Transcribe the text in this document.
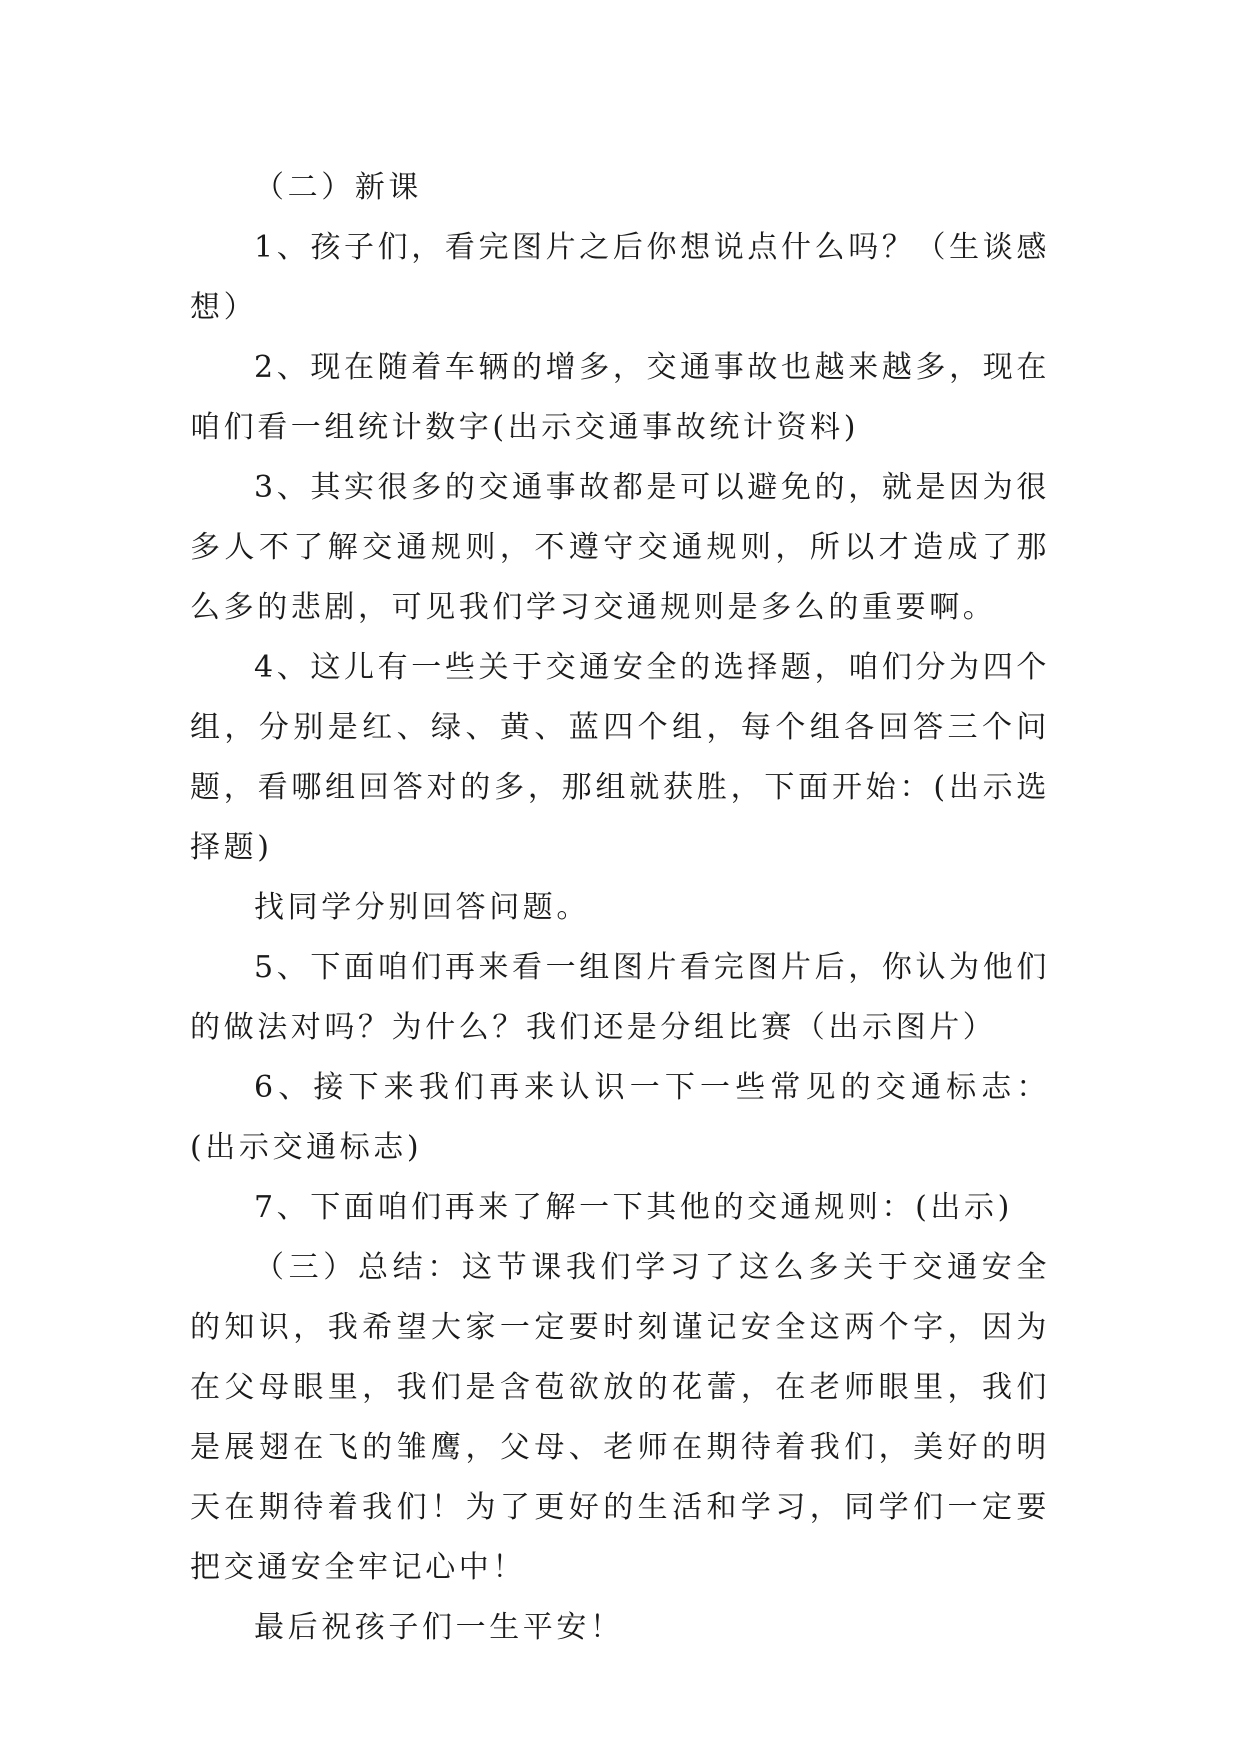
（二）新课

1、孩子们，看完图片之后你想说点什么吗？（生谈感想）

2、现在随着车辆的增多，交通事故也越来越多，现在咱们看一组统计数字(出示交通事故统计资料)

3、其实很多的交通事故都是可以避免的，就是因为很多人不了解交通规则，不遵守交通规则，所以才造成了那么多的悲剧，可见我们学习交通规则是多么的重要啊。

4、这儿有一些关于交通安全的选择题，咱们分为四个组，分别是红、绿、黄、蓝四个组，每个组各回答三个问题，看哪组回答对的多，那组就获胜，下面开始：(出示选择题)

找同学分别回答问题。

5、下面咱们再来看一组图片看完图片后，你认为他们的做法对吗？为什么？我们还是分组比赛（出示图片）

6、接下来我们再来认识一下一些常见的交通标志：(出示交通标志)

7、下面咱们再来了解一下其他的交通规则：(出示)

（三）总结：这节课我们学习了这么多关于交通安全的知识，我希望大家一定要时刻谨记安全这两个字，因为在父母眼里，我们是含苞欲放的花蕾，在老师眼里，我们是展翅在飞的雏鹰，父母、老师在期待着我们，美好的明天在期待着我们！为了更好的生活和学习，同学们一定要把交通安全牢记心中！

最后祝孩子们一生平安！
